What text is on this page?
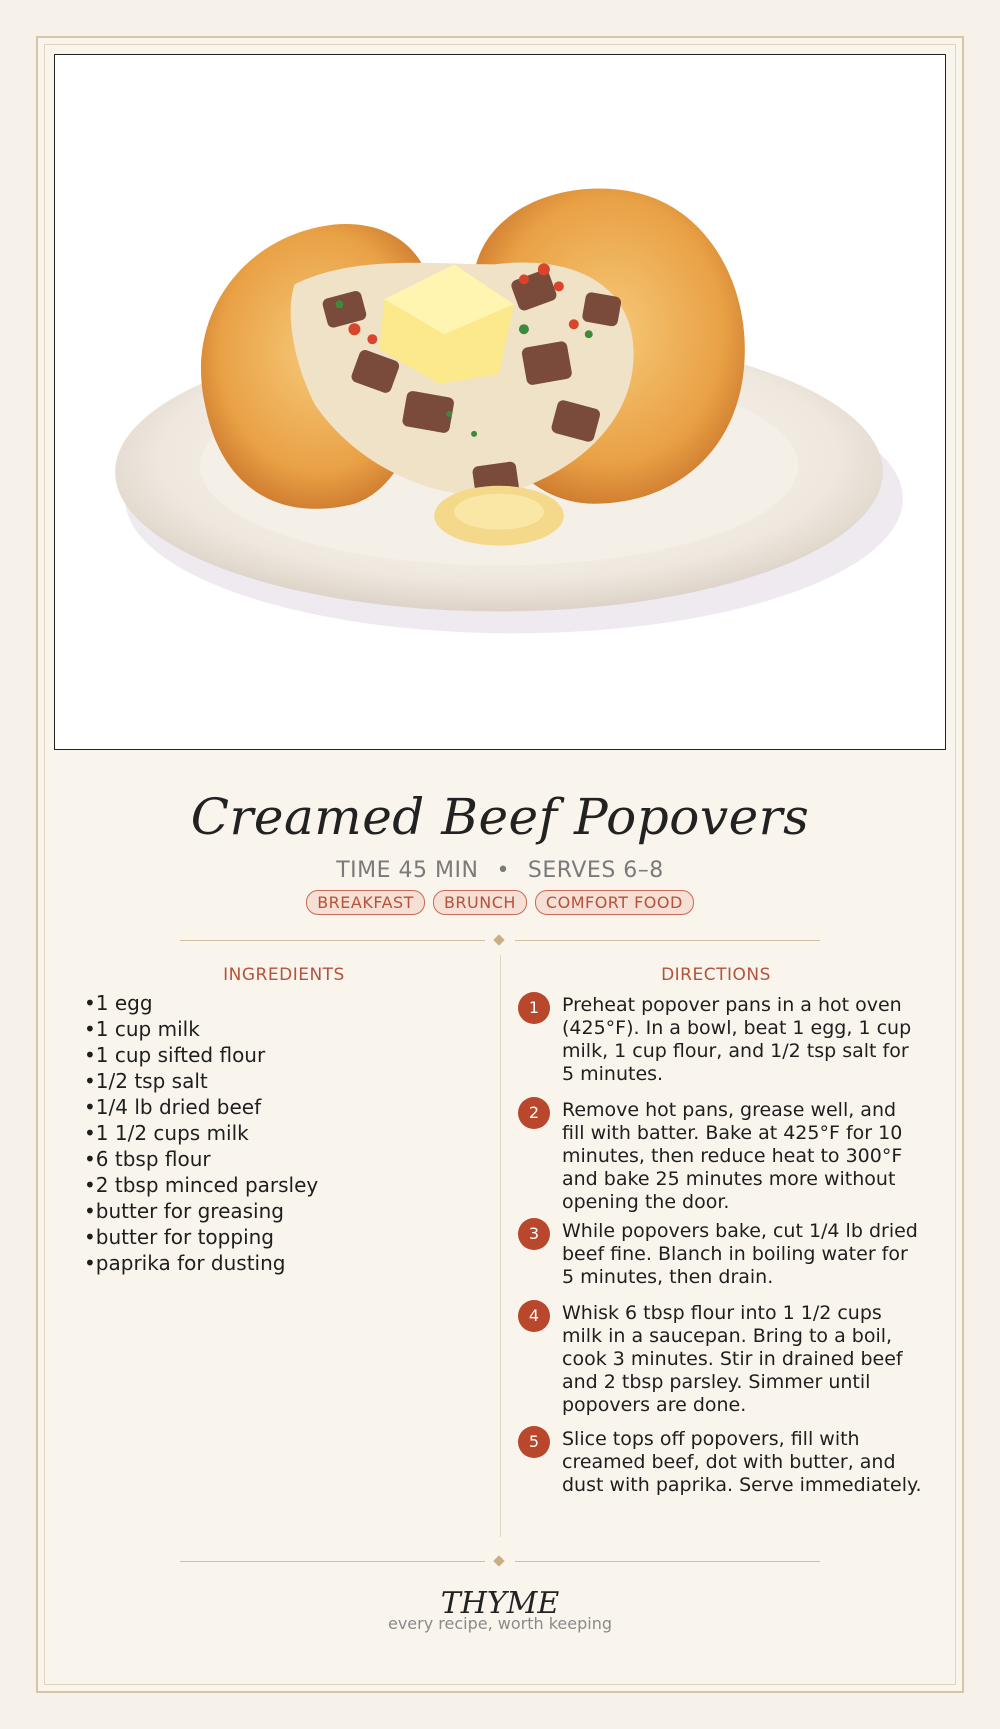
Creamed Beef Popovers
TIME 45 MIN • SERVES 6–8
BREAKFAST	BRUNCH	COMFORT FOOD
INGREDIENTS	DIRECTIONS
• 1 egg
• 1 cup milk
• 1 cup sifted flour
• 1/2 tsp salt
• 1/4 lb dried beef
• 1 1/2 cups milk
• 6 tbsp flour
• 2 tbsp minced parsley
• butter for greasing
• butter for topping
• paprika for dusting
1	Preheat popover pans in a hot oven (425°F). In a bowl, beat 1 egg, 1 cup milk, 1 cup flour, and 1/2 tsp salt for 5 minutes.
2	Remove hot pans, grease well, and fill with batter. Bake at 425°F for 10 minutes, then reduce heat to 300°F and bake 25 minutes more without opening the door.
3	While popovers bake, cut 1/4 lb dried beef fine. Blanch in boiling water for 5 minutes, then drain.
4	Whisk 6 tbsp flour into 1 1/2 cups milk in a saucepan. Bring to a boil, cook 3 minutes. Stir in drained beef and 2 tbsp parsley. Simmer until popovers are done.
5	Slice tops off popovers, fill with creamed beef, dot with butter, and dust with paprika. Serve immediately.
THYME
every recipe, worth keeping
